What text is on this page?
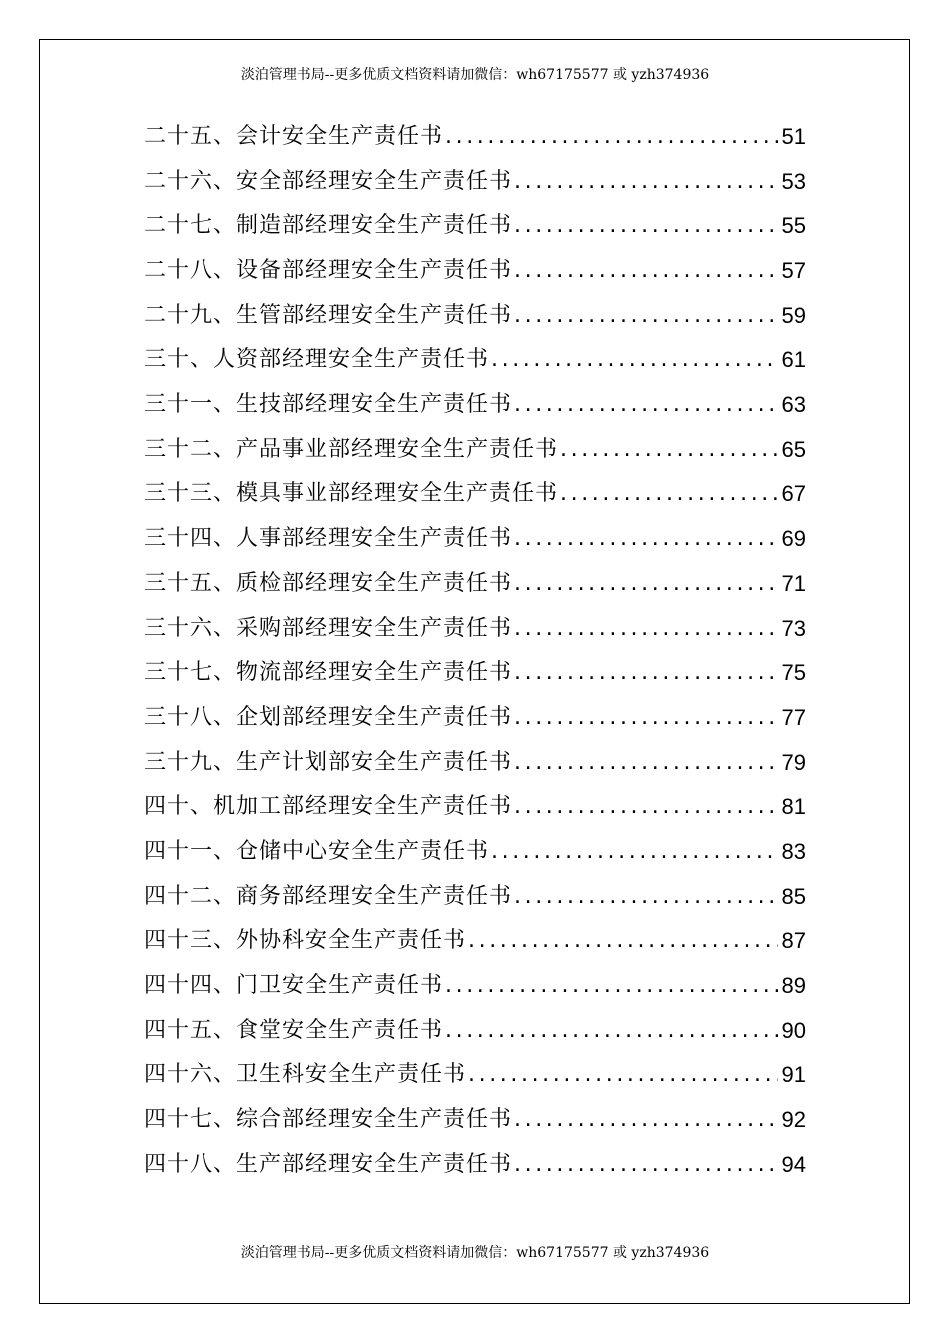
淡泊管理书局--更多优质文档资料请加微信：wh67175577 或 yzh374936
二十五、会计安全生产责任书 .....	51
二十六、安全部经理安全生产责任书 .....	53
二十七、制造部经理安全生产责任书 .....	55
二十八、设备部经理安全生产责任书 .....	57
二十九、生管部经理安全生产责任书 .....	59
三十、人资部经理安全生产责任书 .....	61
三十一、生技部经理安全生产责任书 .....	63
三十二、产品事业部经理安全生产责任书 .....	65
三十三、模具事业部经理安全生产责任书 .....	67
三十四、人事部经理安全生产责任书 .....	69
三十五、质检部经理安全生产责任书 .....	71
三十六、采购部经理安全生产责任书 .....	73
三十七、物流部经理安全生产责任书 .....	75
三十八、企划部经理安全生产责任书 .....	77
三十九、生产计划部安全生产责任书 .....	79
四十、机加工部经理安全生产责任书 .....	81
四十一、仓储中心安全生产责任书 .....	83
四十二、商务部经理安全生产责任书 .....	85
四十三、外协科安全生产责任书 .....	87
四十四、门卫安全生产责任书 .....	89
四十五、食堂安全生产责任书 .....	90
四十六、卫生科安全生产责任书 .....	91
四十七、综合部经理安全生产责任书 .....	92
四十八、生产部经理安全生产责任书 .....	94
淡泊管理书局--更多优质文档资料请加微信：wh67175577 或 yzh374936
